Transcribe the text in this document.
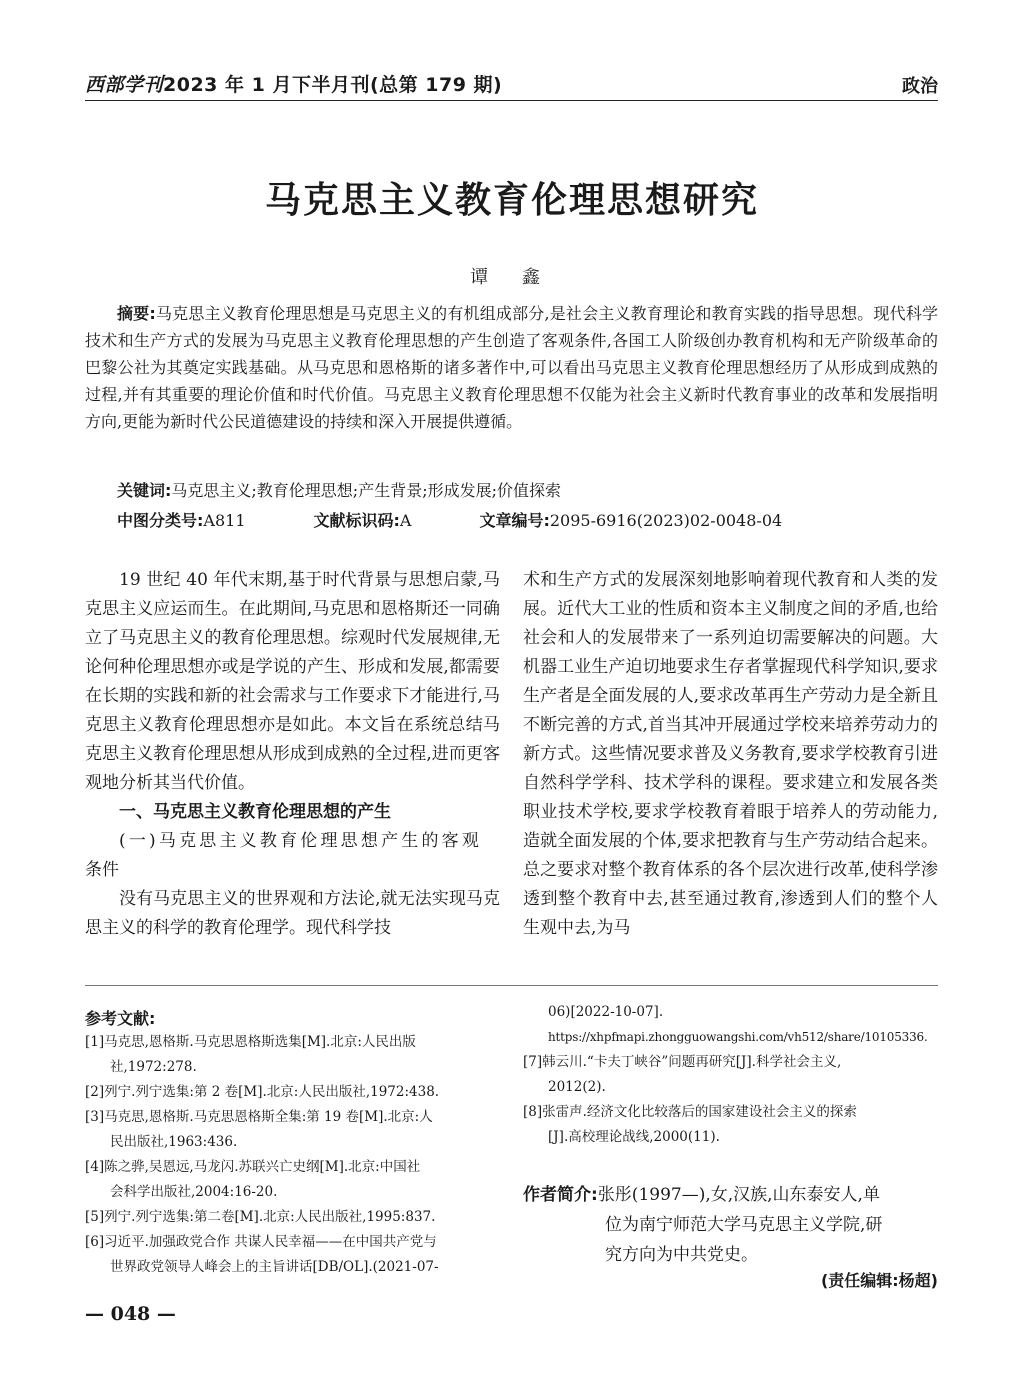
西部学刊2023 年 1 月下半月刊(总第 179 期)	政治
马克思主义教育伦理思想研究
谭 鑫
摘要:马克思主义教育伦理思想是马克思主义的有机组成部分,是社会主义教育理论和教育实践的指导思想。现代科学技术和生产方式的发展为马克思主义教育伦理思想的产生创造了客观条件,各国工人阶级创办教育机构和无产阶级革命的巴黎公社为其奠定实践基础。从马克思和恩格斯的诸多著作中,可以看出马克思主义教育伦理思想经历了从形成到成熟的过程,并有其重要的理论价值和时代价值。马克思主义教育伦理思想不仅能为社会主义新时代教育事业的改革和发展指明方向,更能为新时代公民道德建设的持续和深入开展提供遵循。
关键词:马克思主义;教育伦理思想;产生背景;形成发展;价值探索
中图分类号:A811	文献标识码:A	文章编号:2095-6916(2023)02-0048-04

19 世纪 40 年代末期,基于时代背景与思想启蒙,马克思主义应运而生。在此期间,马克思和恩格斯还一同确立了马克思主义的教育伦理思想。综观时代发展规律,无论何种伦理思想亦或是学说的产生、形成和发展,都需要在长期的实践和新的社会需求与工作要求下才能进行,马克思主义教育伦理思想亦是如此。本文旨在系统总结马克思主义教育伦理思想从形成到成熟的全过程,进而更客观地分析其当代价值。

一、马克思主义教育伦理思想的产生

(一)马克思主义教育伦理思想产生的客观

条件

没有马克思主义的世界观和方法论,就无法实现马克思主义的科学的教育伦理学。现代科学技

术和生产方式的发展深刻地影响着现代教育和人类的发展。近代大工业的性质和资本主义制度之间的矛盾,也给社会和人的发展带来了一系列迫切需要解决的问题。大机器工业生产迫切地要求生存者掌握现代科学知识,要求生产者是全面发展的人,要求改革再生产劳动力是全新且不断完善的方式,首当其冲开展通过学校来培养劳动力的新方式。这些情况要求普及义务教育,要求学校教育引进自然科学学科、技术学科的课程。要求建立和发展各类职业技术学校,要求学校教育着眼于培养人的劳动能力,造就全面发展的个体,要求把教育与生产劳动结合起来。总之要求对整个教育体系的各个层次进行改革,使科学渗透到整个教育中去,甚至通过教育,渗透到人们的整个人生观中去,为马

参考文献:
[1]马克思,恩格斯.马克思恩格斯选集[M].北京:人民出版
社,1972:278.
[2]列宁.列宁选集:第 2 卷[M].北京:人民出版社,1972:438.
[3]马克思,恩格斯.马克思恩格斯全集:第 19 卷[M].北京:人
民出版社,1963:436.
[4]陈之骅,吴恩远,马龙闪.苏联兴亡史纲[M].北京:中国社
会科学出版社,2004:16-20.
[5]列宁.列宁选集:第二卷[M].北京:人民出版社,1995:837.
[6]习近平.加强政党合作 共谋人民幸福——在中国共产党与
世界政党领导人峰会上的主旨讲话[DB/OL].(2021-07-
06)[2022-10-07].
https://xhpfmapi.zhongguowangshi.com/vh512/share/10105336.
[7]韩云川.“卡夫丁峡谷”问题再研究[J].科学社会主义,
2012(2).
[8]张雷声.经济文化比较落后的国家建设社会主义的探索
[J].高校理论战线,2000(11).
作者简介:张彤(1997—),女,汉族,山东泰安人,单
位为南宁师范大学马克思主义学院,研
究方向为中共党史。
(责任编辑:杨超)
— 048 —
